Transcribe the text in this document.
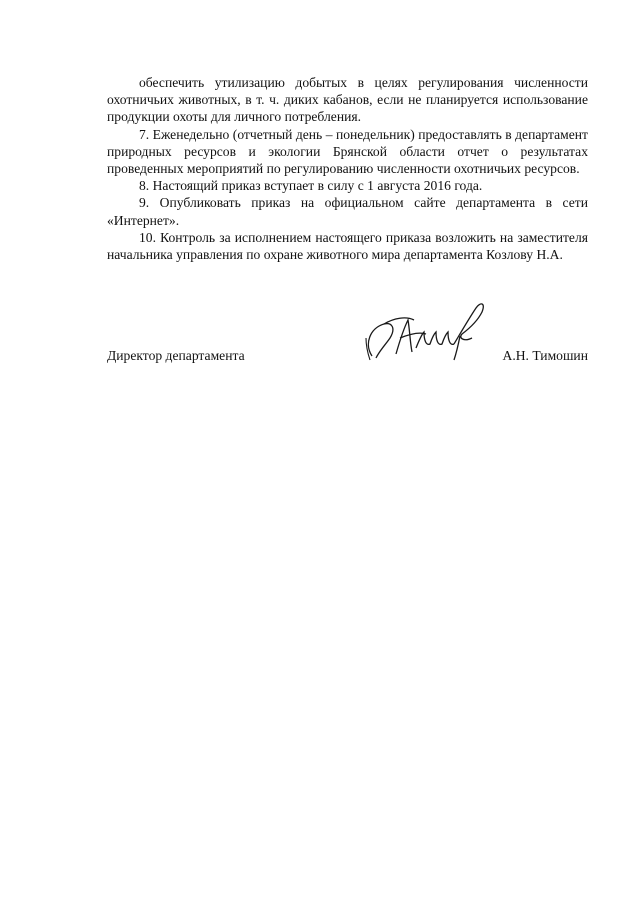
обеспечить утилизацию добытых в целях регулирования численности охотничьих животных, в т. ч. диких кабанов, если не планируется использование продукции охоты для личного потребления.

7. Еженедельно (отчетный день – понедельник) предоставлять в департамент природных ресурсов и экологии Брянской области отчет о результатах проведенных мероприятий по регулированию численности охотничьих ресурсов.

8. Настоящий приказ вступает в силу с 1 августа 2016 года.

9. Опубликовать приказ на официальном сайте департамента в сети «Интернет».

10. Контроль за исполнением настоящего приказа возложить на заместителя начальника управления по охране животного мира департамента Козлову Н.А.

Директор департамента	А.Н. Тимошин
